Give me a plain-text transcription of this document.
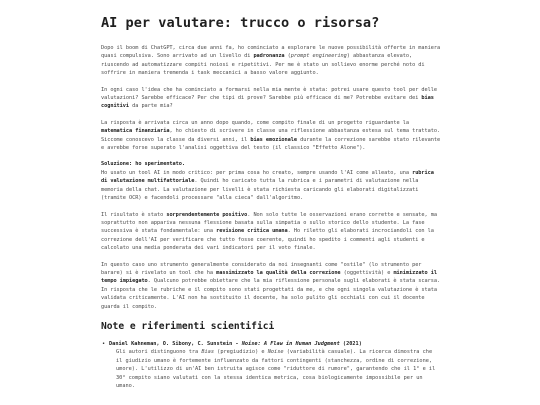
AI per valutare: trucco o risorsa?

Dopo il boom di ChatGPT, circa due anni fa, ho cominciato a esplorare le nuove possibilità offerte in maniera quasi compulsiva. Sono arrivato ad un livello di padronanza (prompt engineering) abbastanza elevato, riuscendo ad automatizzare compiti noiosi e ripetitivi. Per me è stato un sollievo enorme perché noto di soffrire in maniera tremenda i task meccanici a basso valore aggiunto.

In ogni caso l'idea che ha cominciato a formarsi nella mia mente è stata: potrei usare questo tool per delle valutazioni? Sarebbe efficace? Per che tipi di prove? Sarebbe più efficace di me? Potrebbe evitare dei bias cognitivi da parte mia?

La risposta è arrivata circa un anno dopo quando, come compito finale di un progetto riguardante la matematica finanziaria, ho chiesto di scrivere in classe una riflessione abbastanza estesa sul tema trattato. Siccome conoscevo la classe da diversi anni, il bias emozionale durante la correzione sarebbe stato rilevante e avrebbe forse superato l'analisi oggettiva del testo (il classico "Effetto Alone").

Soluzione: ho sperimentato.
Ho usato un tool AI in modo critico: per prima cosa ho creato, sempre usando l'AI come alleato, una rubrica di valutazione multifattoriale. Quindi ho caricato tutta la rubrica e i parametri di valutazione nella memoria della chat. La valutazione per livelli è stata richiesta caricando gli elaborati digitalizzati (tramite OCR) e facendoli processare "alla cieca" dall'algoritmo.

Il risultato è stato sorprendentemente positivo. Non solo tutte le osservazioni erano corrette e sensate, ma soprattutto non appariva nessuna flessione basata sulla simpatia o sullo storico dello studente. La fase successiva è stata fondamentale: una revisione critica umana. Ho riletto gli elaborati incrociandoli con la correzione dell'AI per verificare che tutto fosse coerente, quindi ho spedito i commenti agli studenti e calcolato una media ponderata dei vari indicatori per il voto finale.

In questo caso uno strumento generalmente considerato da noi insegnanti come "ostile" (lo strumento per barare) si è rivelato un tool che ha massimizzato la qualità della correzione (oggettività) e minimizzato il tempo impiegato. Qualcuno potrebbe obiettare che la mia riflessione personale sugli elaborati è stata scarsa. In risposta che le rubriche e il compito sono stati progettati da me, e che ogni singola valutazione è stata validata criticamente. L'AI non ha sostituito il docente, ha solo pulito gli occhiali con cui il docente guarda il compito.

Note e riferimenti scientifici
• Daniel Kahneman, O. Sibony, C. Sunstein - Noise: A Flaw in Human Judgment (2021)
Gli autori distinguono tra Bias (pregiudizio) e Noise (variabilità casuale). La ricerca dimostra che il giudizio umano è fortemente influenzato da fattori contingenti (stanchezza, ordine di correzione, umore). L'utilizzo di un'AI ben istruita agisce come "riduttore di rumore", garantendo che il 1° e il 30° compito siano valutati con la stessa identica metrica, cosa biologicamente impossibile per un umano.
